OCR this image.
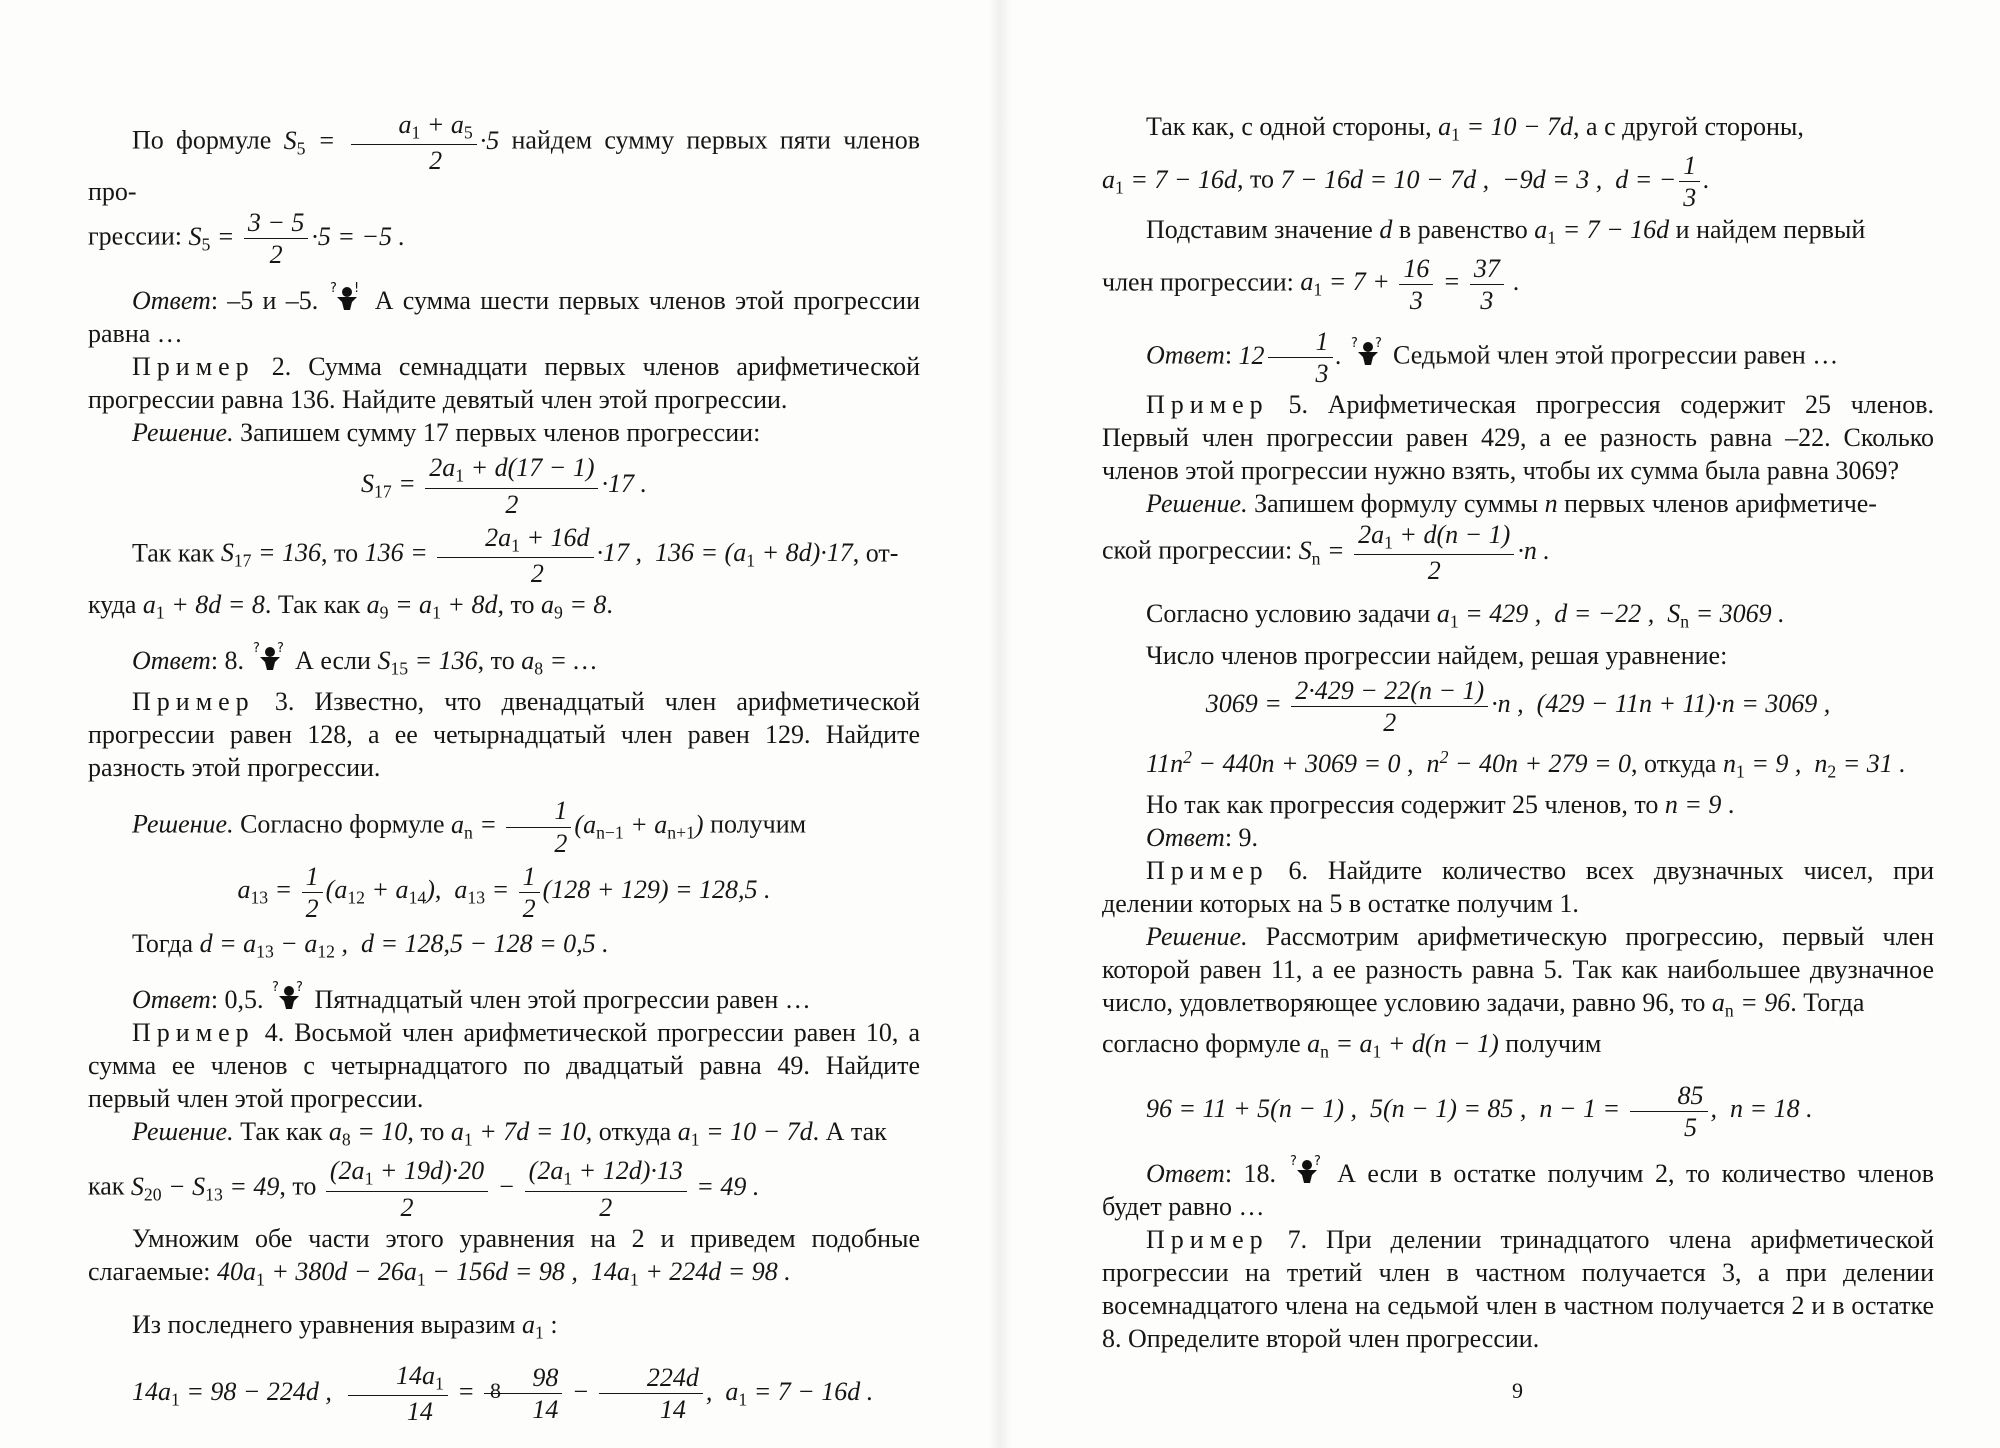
По формуле $S_5 = \frac{a_1 + a_5}{2} \cdot 5$ найдем сумму первых пяти членов про-

грессии: $S_5 = \frac{3 - 5}{2} \cdot 5 = -5$ .

Ответ: –5 и –5. ? ! А сумма шести первых членов этой прогрессии равна …

Пример 2. Сумма семнадцати первых членов арифметической прогрессии равна 136. Найдите девятый член этой прогрессии.

Решение. Запишем сумму 17 первых членов прогрессии:

$S_{17} = \frac{2a_1 + d(17 - 1)}{2} \cdot 17$ .

Так как $S_{17} = 136$, то $136 = \frac{2a_1 + 16d}{2} \cdot 17$ ,  $136 = (a_1 + 8d)\cdot 17$, от-

куда $a_1 + 8d = 8$. Так как $a_9 = a_1 + 8d$, то $a_9 = 8$.

Ответ: 8. ? ? А если $S_{15} = 136$, то $a_8$ = …

Пример 3. Известно, что двенадцатый член арифметической прогрессии равен 128, а ее четырнадцатый член равен 129. Найдите разность этой прогрессии.

Решение. Согласно формуле $a_n = \frac{1}{2} (a_{n-1} + a_{n+1})$ получим

$a_{13} = \frac{1}{2} (a_{12} + a_{14})$,  $a_{13} = \frac{1}{2} (128 + 129) = 128,5$ .

Тогда $d = a_{13} - a_{12}$ ,  d = 128,5 − 128 = 0,5 .

Ответ: 0,5. ? ? Пятнадцатый член этой прогрессии равен …

Пример 4. Восьмой член арифметической прогрессии равен 10, а сумма ее членов с четырнадцатого по двадцатый равна 49. Найдите первый член этой прогрессии.

Решение. Так как $a_8 = 10$, то $a_1 + 7d = 10$, откуда $a_1 = 10 - 7d$. А так

как $S_{20} - S_{13} = 49$, то $\frac{(2a_1 + 19d)\cdot 20}{2} - \frac{(2a_1 + 12d)\cdot 13}{2} = 49$ .

Умножим обе части этого уравнения на 2 и приведем подобные слагаемые: $40a_1 + 380d - 26a_1 - 156d = 98$ ,  $14a_1 + 224d = 98$ .

Из последнего уравнения выразим $a_1$ :

$14a_1 = 98 - 224d$ , $\frac{14a_1}{14} = \frac{98}{14} - \frac{224d}{14}$ ,  $a_1 = 7 - 16d$ .

8

Так как, с одной стороны, $a_1 = 10 - 7d$, а с другой стороны,

$a_1 = 7 - 16d$, то 7 − 16d = 10 − 7d ,  −9d = 3 ,  d = − $\frac{1}{3}$ .

Подставим значение d в равенство $a_1 = 7 - 16d$ и найдем первый

член прогрессии: $a_1 = 7 + \frac{16}{3} = \frac{37}{3}$ .

Ответ: $12 \frac{1}{3}$ . ? ? Седьмой член этой прогрессии равен …

Пример 5. Арифметическая прогрессия содержит 25 членов. Первый член прогрессии равен 429, а ее разность равна –22. Сколько членов этой прогрессии нужно взять, чтобы их сумма была равна 3069?

Решение. Запишем формулу суммы n первых членов арифметиче-

ской прогрессии: $S_n = \frac{2a_1 + d(n - 1)}{2} \cdot n$ .

Согласно условию задачи $a_1 = 429$ ,  d = −22 ,  $S_n = 3069$ .

Число членов прогрессии найдем, решая уравнение:

$3069 = \frac{2\cdot 429 - 22(n - 1)}{2} \cdot n$ ,  (429 − 11n + 11)·n = 3069 ,

$11n^2 - 440n + 3069 = 0$ ,  $n^2 - 40n + 279 = 0$, откуда $n_1 = 9$ ,  $n_2 = 31$ .

Но так как прогрессия содержит 25 членов, то n = 9 .

Ответ: 9.

Пример 6. Найдите количество всех двузначных чисел, при делении которых на 5 в остатке получим 1.

Решение. Рассмотрим арифметическую прогрессию, первый член которой равен 11, а ее разность равна 5. Так как наибольшее двузначное число, удовлетворяющее условию задачи, равно 96, то $a_n = 96$. Тогда

согласно формуле $a_n = a_1 + d(n - 1)$ получим

96 = 11 + 5(n − 1) ,  5(n − 1) = 85 ,  $n - 1 = \frac{85}{5}$ ,  n = 18 .

Ответ: 18. ? ? А если в остатке получим 2, то количество членов будет равно …

Пример 7. При делении тринадцатого члена арифметической прогрессии на третий член в частном получается 3, а при делении восемнадцатого члена на седьмой член в частном получается 2 и в остатке 8. Определите второй член прогрессии.

9
